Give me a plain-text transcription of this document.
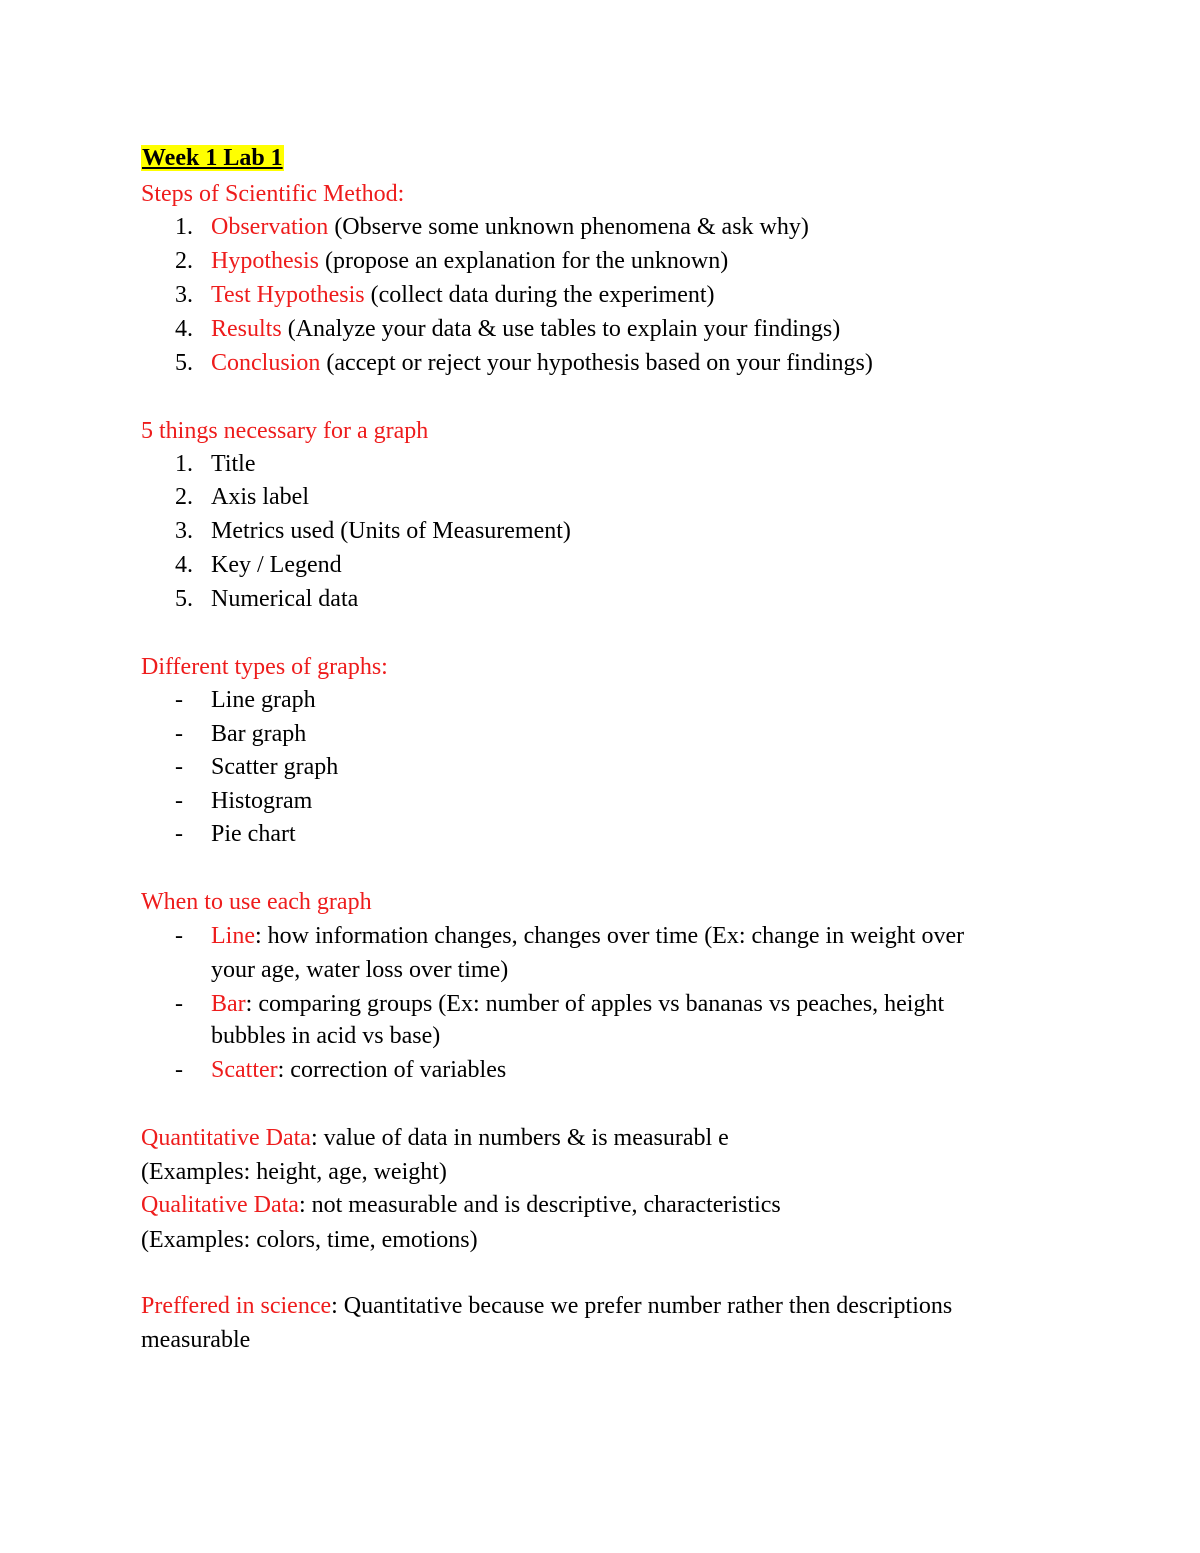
Week 1 Lab 1
Steps of Scientific Method:
1. Observation (Observe some unknown phenomena & ask why)
2. Hypothesis (propose an explanation for the unknown)
3. Test Hypothesis (collect data during the experiment)
4. Results (Analyze your data & use tables to explain your findings)
5. Conclusion (accept or reject your hypothesis based on your findings)
5 things necessary for a graph
1. Title
2. Axis label
3. Metrics used (Units of Measurement)
4. Key / Legend
5. Numerical data
Different types of graphs:
- Line graph
- Bar graph
- Scatter graph
- Histogram
- Pie chart
When to use each graph
- Line: how information changes, changes over time (Ex: change in weight over
your age, water loss over time)
- Bar: comparing groups (Ex: number of apples vs bananas vs peaches, height
bubbles in acid vs base)
- Scatter: correction of variables
Quantitative Data: value of data in numbers & is measurabl e
(Examples: height, age, weight)
Qualitative Data: not measurable and is descriptive, characteristics
(Examples: colors, time, emotions)
Preffered in science: Quantitative because we prefer number rather then descriptions
measurable
